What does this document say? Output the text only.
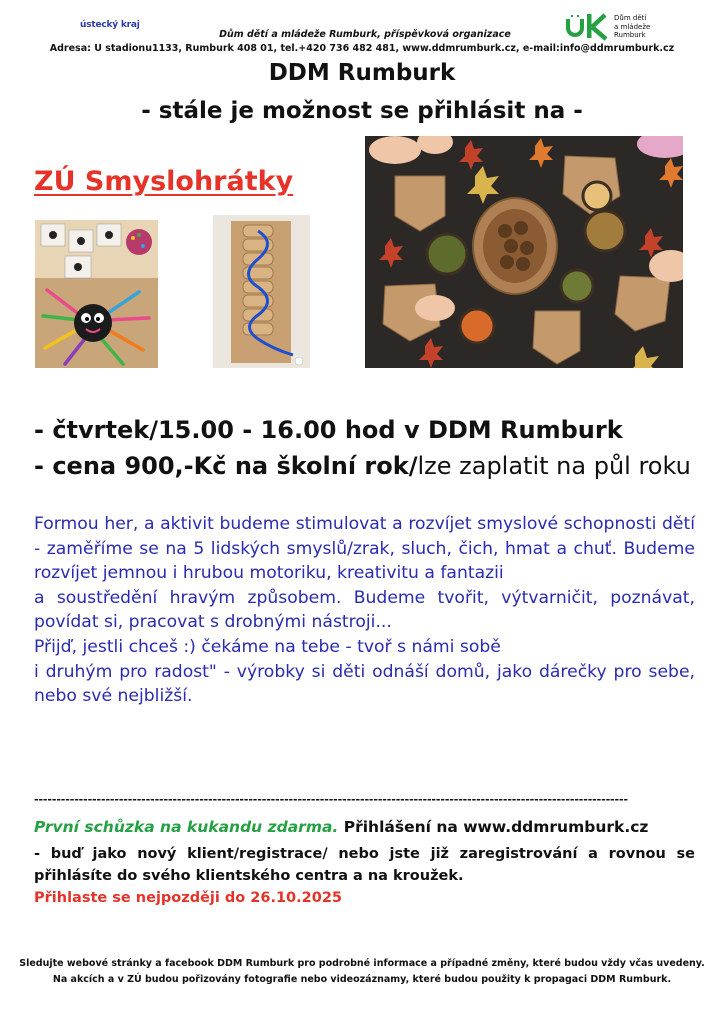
ústecký kraj
Dům dětí a mládeže Rumburk, příspěvková organizace
Dům dětí
a mládeže
Rumburk
Adresa: U stadionu1133, Rumburk 408 01, tel.+420 736 482 481, www.ddmrumburk.cz, e-mail:info@ddmrumburk.cz
DDM Rumburk
- stále je možnost se přihlásit na -
ZÚ Smyslohrátky
- čtvrtek/15.00 - 16.00 hod v DDM Rumburk
- cena 900,-Kč na školní rok/lze zaplatit na půl roku

Formou her, a aktivit budeme stimulovat a rozvíjet smyslové schopnosti dětí - zaměříme se na 5 lidských smyslů/zrak, sluch, čich, hmat a chuť. Budeme rozvíjet jemnou i hrubou motoriku, kreativitu a fantazii

a soustředění hravým způsobem. Budeme tvořit, výtvarničit, poznávat, povídat si, pracovat s drobnými nástroji...

Přijď, jestli chceš :) čekáme na tebe - tvoř s námi sobě

i druhým pro radost" - výrobky si děti odnáší domů, jako dárečky pro sebe, nebo své nejbližší.

-------------------------------------------------------------------------------------------------------------------------------------
První schůzka na kukandu zdarma. Přihlášení na www.ddmrumburk.cz
- buď jako nový klient/registrace/ nebo jste již zaregistrování a rovnou se přihlásíte do svého klientského centra a na kroužek.
Přihlaste se nejpozději do 26.10.2025
Sledujte webové stránky a facebook DDM Rumburk pro podrobné informace a případné změny, které budou vždy včas uvedeny.
Na akcích a v ZÚ budou pořizovány fotografie nebo videozáznamy, které budou použity k propagaci DDM Rumburk.
